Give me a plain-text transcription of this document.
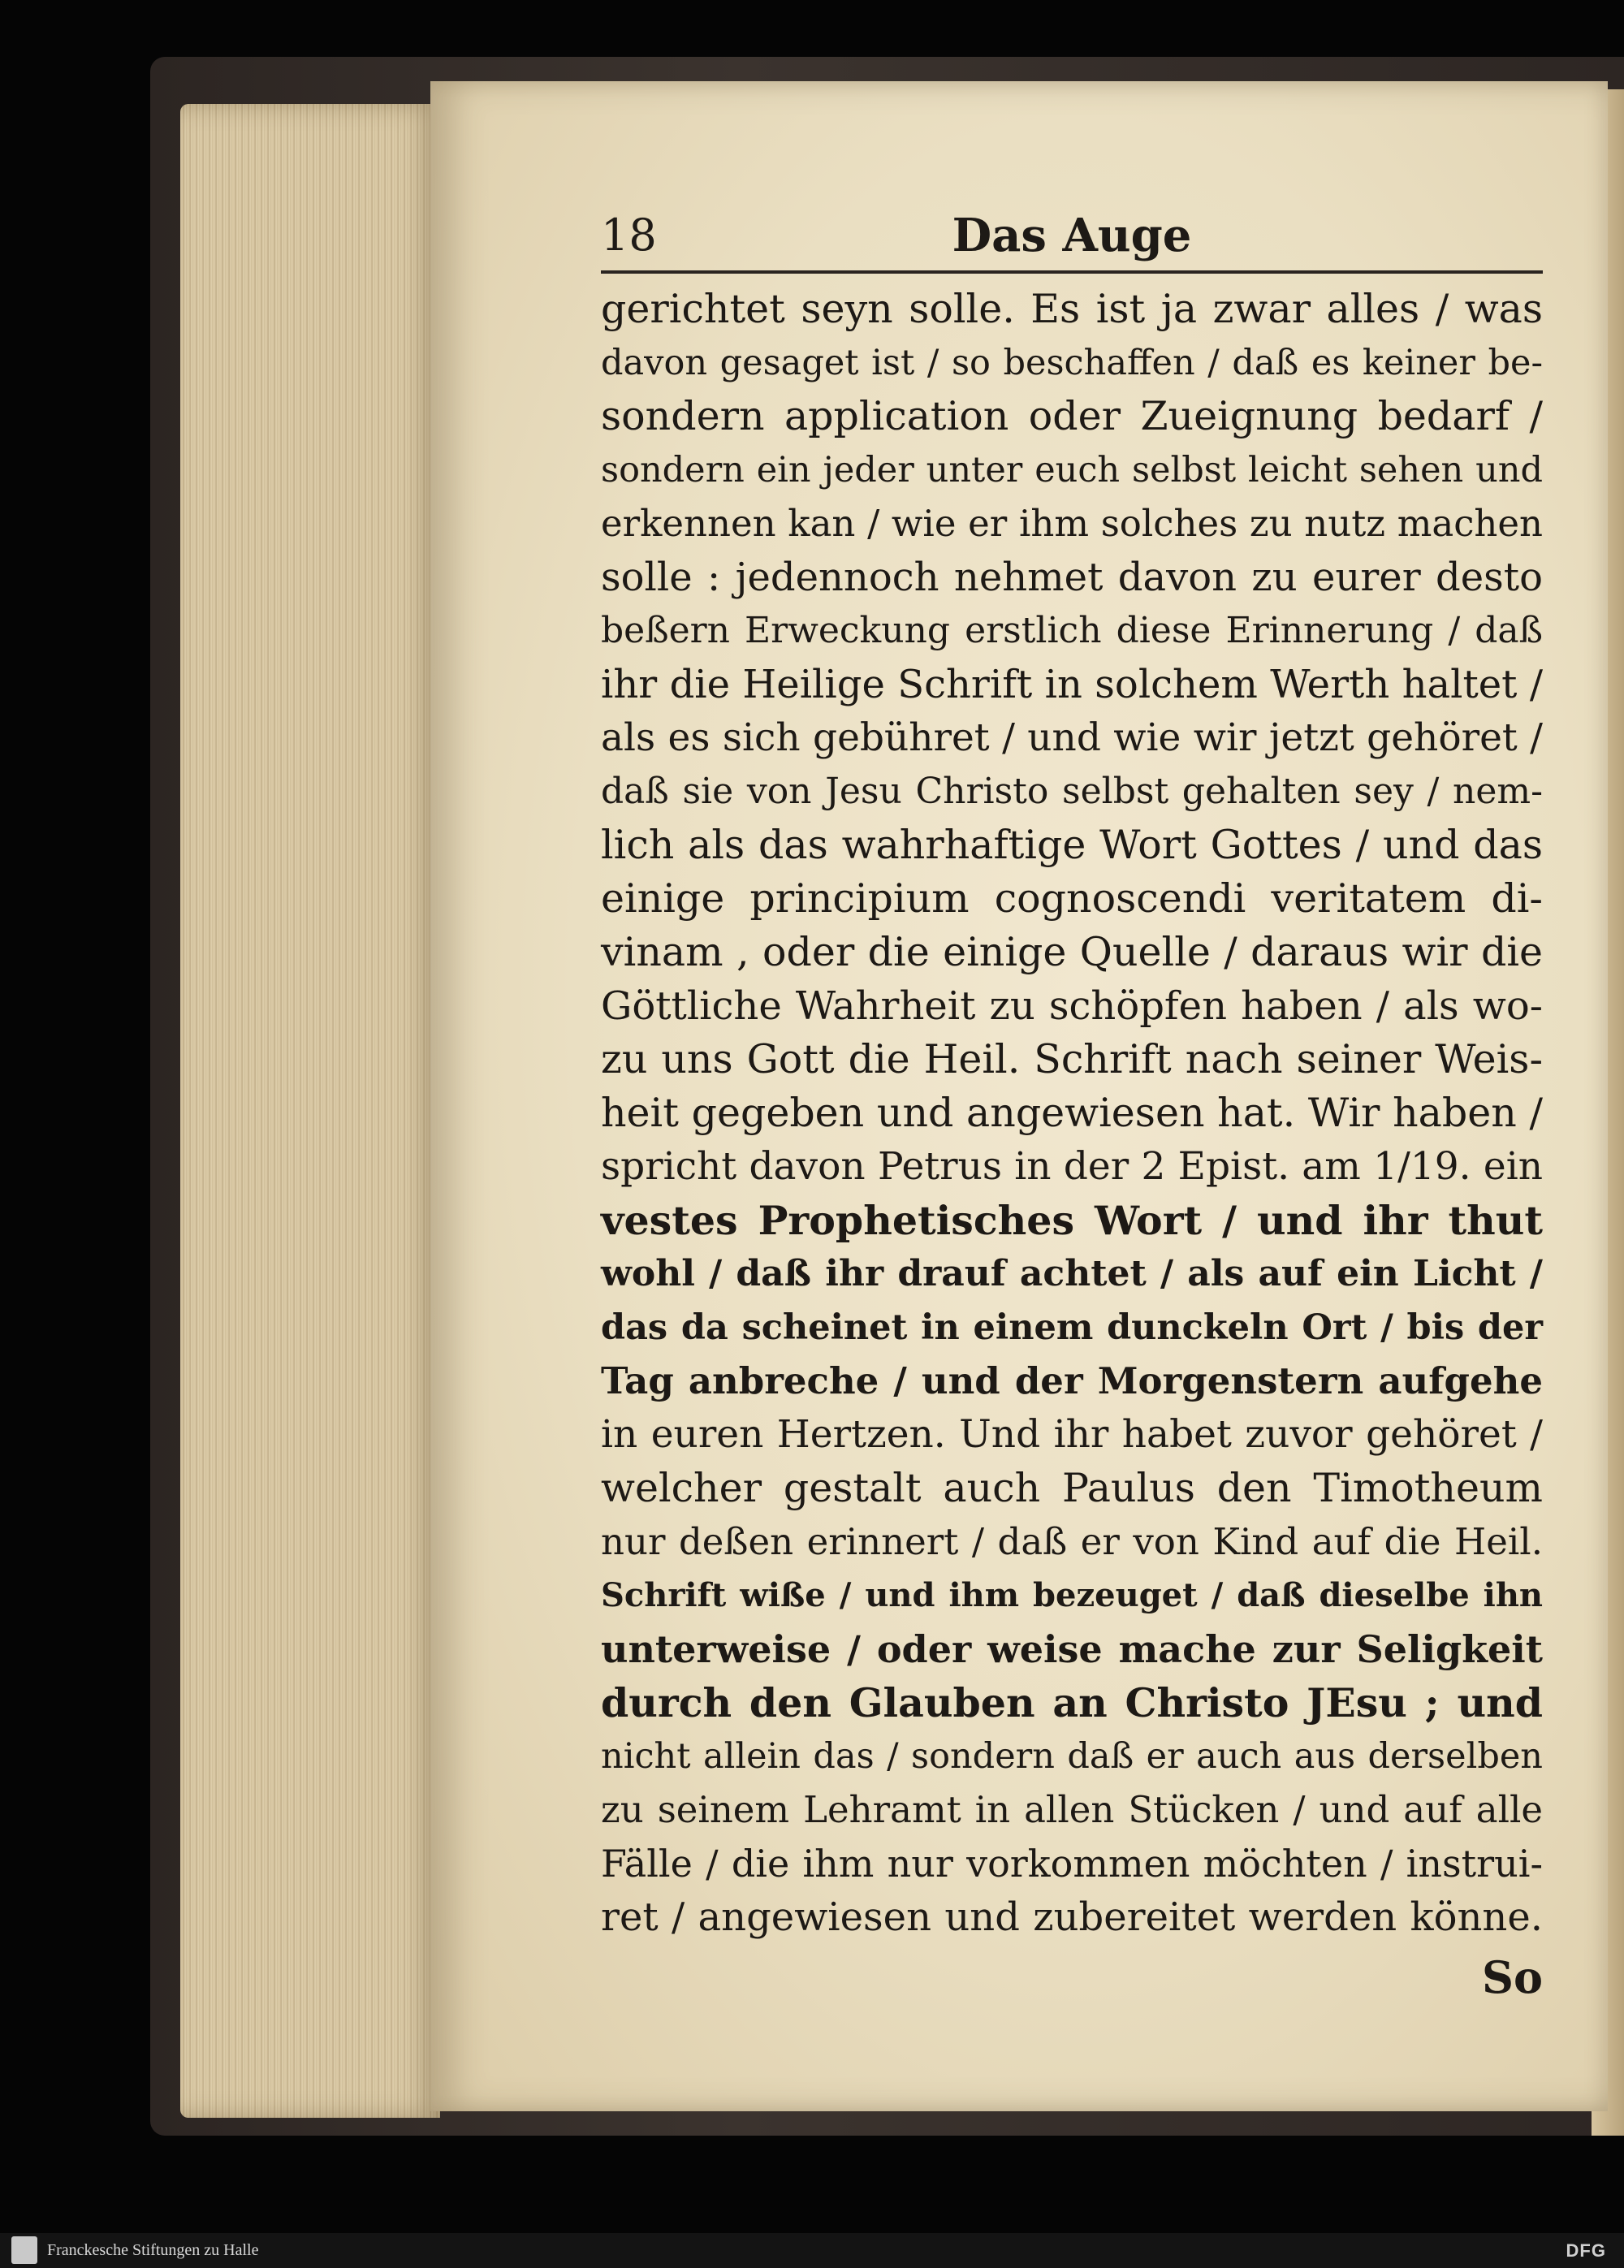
18	Das Auge
gerichtet seyn solle. Es ist ja zwar alles / was
davon gesaget ist / so beschaffen / daß es keiner be-
sondern application oder Zueignung bedarf /
sondern ein jeder unter euch selbst leicht sehen und
erkennen kan / wie er ihm solches zu nutz machen
solle : jedennoch nehmet davon zu eurer desto
beßern Erweckung erstlich diese Erinnerung / daß
ihr die Heilige Schrift in solchem Werth haltet /
als es sich gebühret / und wie wir jetzt gehöret /
daß sie von Jesu Christo selbst gehalten sey / nem-
lich als das wahrhaftige Wort Gottes / und das
einige principium cognoscendi veritatem di-
vinam , oder die einige Quelle / daraus wir die
Göttliche Wahrheit zu schöpfen haben / als wo-
zu uns Gott die Heil. Schrift nach seiner Weis-
heit gegeben und angewiesen hat. Wir haben /
spricht davon Petrus in der 2 Epist. am 1/19. ein
vestes Prophetisches Wort / und ihr thut
wohl / daß ihr drauf achtet / als auf ein Licht /
das da scheinet in einem dunckeln Ort / bis der
Tag anbreche / und der Morgenstern aufgehe
in euren Hertzen. Und ihr habet zuvor gehöret /
welcher gestalt auch Paulus den Timotheum
nur deßen erinnert / daß er von Kind auf die Heil.
Schrift wiße / und ihm bezeuget / daß dieselbe ihn
unterweise / oder weise mache zur Seligkeit
durch den Glauben an Christo JEsu ; und
nicht allein das / sondern daß er auch aus derselben
zu seinem Lehramt in allen Stücken / und auf alle
Fälle / die ihm nur vorkommen möchten / instrui-
ret / angewiesen und zubereitet werden könne.
So
Franckesche Stiftungen zu Halle	DFG
